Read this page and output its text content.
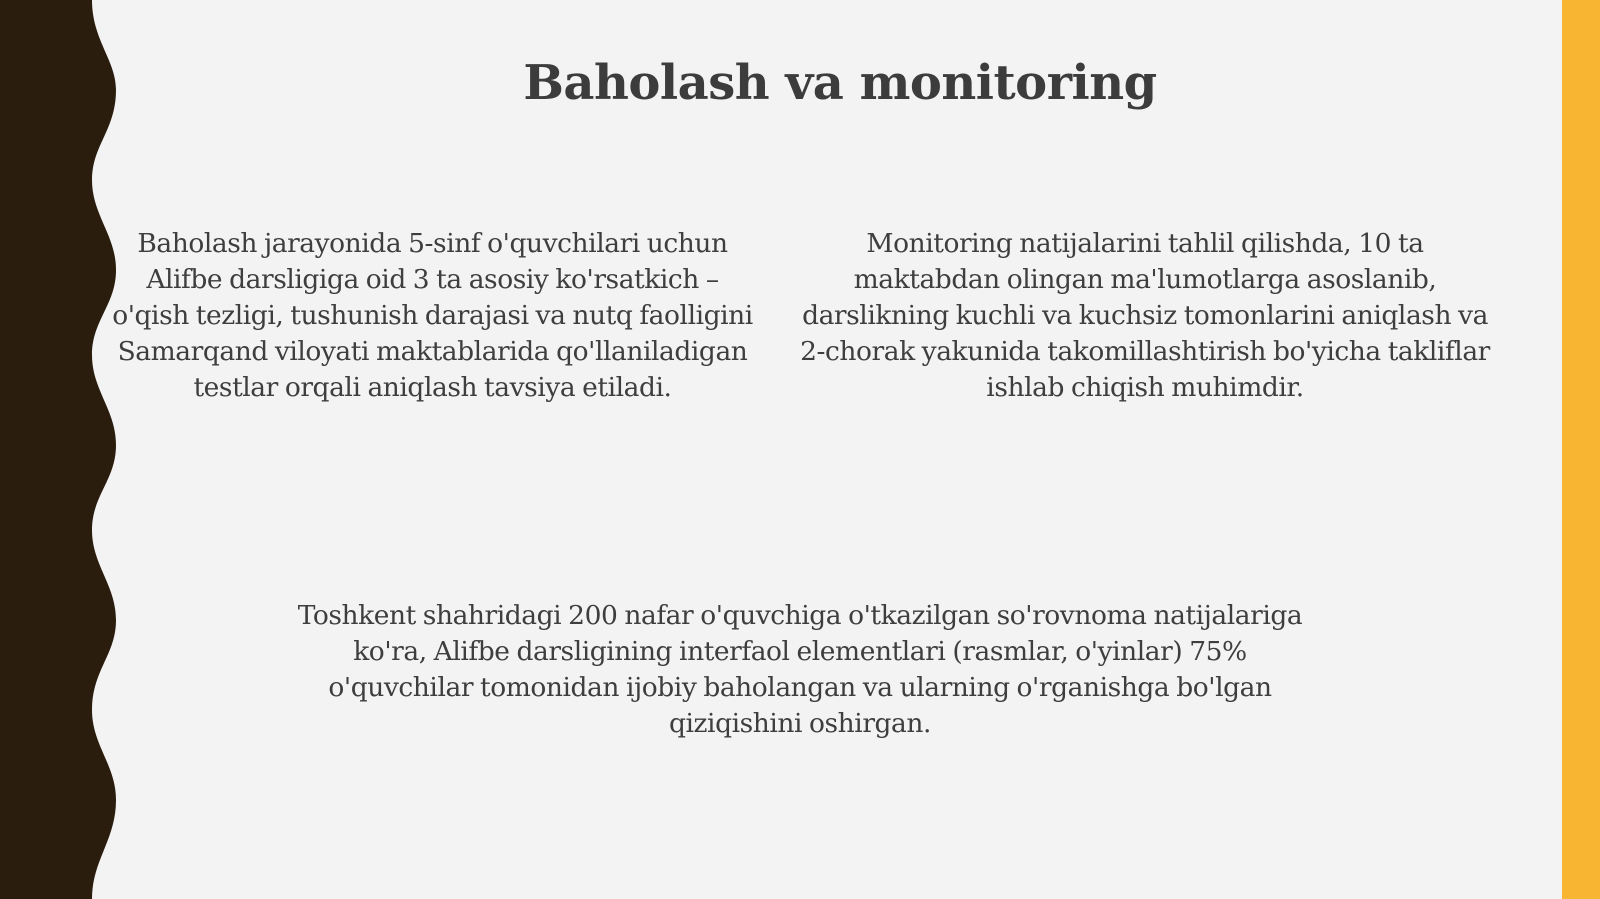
Baholash va monitoring

Baholash jarayonida 5-sinf o'quvchilari uchun Alifbe darsligiga oid 3 ta asosiy ko'rsatkich – o'qish tezligi, tushunish darajasi va nutq faolligini Samarqand viloyati maktablarida qo'llaniladigan testlar orqali aniqlash tavsiya etiladi.

Monitoring natijalarini tahlil qilishda, 10 ta maktabdan olingan ma'lumotlarga asoslanib, darslikning kuchli va kuchsiz tomonlarini aniqlash va 2-chorak yakunida takomillashtirish bo'yicha takliflar ishlab chiqish muhimdir.

Toshkent shahridagi 200 nafar o'quvchiga o'tkazilgan so'rovnoma natijalariga ko'ra, Alifbe darsligining interfaol elementlari (rasmlar, o'yinlar) 75% o'quvchilar tomonidan ijobiy baholangan va ularning o'rganishga bo'lgan qiziqishini oshirgan.
